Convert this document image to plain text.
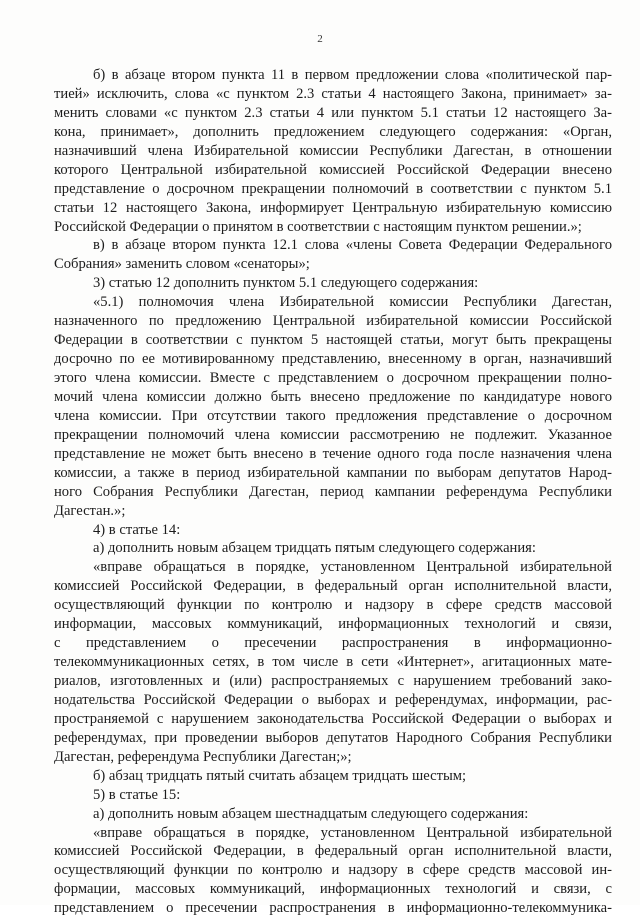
2
б) в абзаце втором пункта 11 в первом предложении слова «политической пар-
тией» исключить, слова «с пунктом 2.3 статьи 4 настоящего Закона, принимает» за-
менить словами «с пунктом 2.3 статьи 4 или пунктом 5.1 статьи 12 настоящего За-
кона, принимает», дополнить предложением следующего содержания: «Орган,
назначивший члена Избирательной комиссии Республики Дагестан, в отношении
которого Центральной избирательной комиссией Российской Федерации внесено
представление о досрочном прекращении полномочий в соответствии с пунктом 5.1
статьи 12 настоящего Закона, информирует Центральную избирательную комиссию
Российской Федерации о принятом в соответствии с настоящим пунктом решении.»;
в) в абзаце втором пункта 12.1 слова «члены Совета Федерации Федерального
Собрания» заменить словом «сенаторы»;
3) статью 12 дополнить пунктом 5.1 следующего содержания:
«5.1) полномочия члена Избирательной комиссии Республики Дагестан,
назначенного по предложению Центральной избирательной комиссии Российской
Федерации в соответствии с пунктом 5 настоящей статьи, могут быть прекращены
досрочно по ее мотивированному представлению, внесенному в орган, назначивший
этого члена комиссии. Вместе с представлением о досрочном прекращении полно-
мочий члена комиссии должно быть внесено предложение по кандидатуре нового
члена комиссии. При отсутствии такого предложения представление о досрочном
прекращении полномочий члена комиссии рассмотрению не подлежит. Указанное
представление не может быть внесено в течение одного года после назначения члена
комиссии, а также в период избирательной кампании по выборам депутатов Народ-
ного Собрания Республики Дагестан, период кампании референдума Республики
Дагестан.»;
4) в статье 14:
а) дополнить новым абзацем тридцать пятым следующего содержания:
«вправе обращаться в порядке, установленном Центральной избирательной
комиссией Российской Федерации, в федеральный орган исполнительной власти,
осуществляющий функции по контролю и надзору в сфере средств массовой
информации, массовых коммуникаций, информационных технологий и связи,
с представлением о пресечении распространения в информационно-
телекоммуникационных сетях, в том числе в сети «Интернет», агитационных мате-
риалов, изготовленных и (или) распространяемых с нарушением требований зако-
нодательства Российской Федерации о выборах и референдумах, информации, рас-
пространяемой с нарушением законодательства Российской Федерации о выборах и
референдумах, при проведении выборов депутатов Народного Собрания Республики
Дагестан, референдума Республики Дагестан;»;
б) абзац тридцать пятый считать абзацем тридцать шестым;
5) в статье 15:
а) дополнить новым абзацем шестнадцатым следующего содержания:
«вправе обращаться в порядке, установленном Центральной избирательной
комиссией Российской Федерации, в федеральный орган исполнительной власти,
осуществляющий функции по контролю и надзору в сфере средств массовой ин-
формации, массовых коммуникаций, информационных технологий и связи, с
представлением о пресечении распространения в информационно-телекоммуника-
